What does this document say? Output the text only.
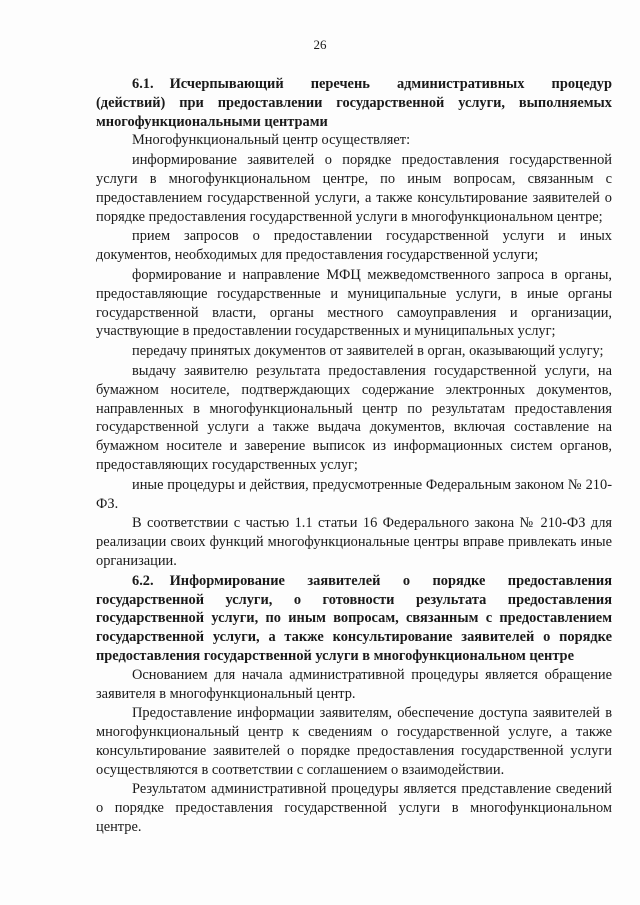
26

6.1. Исчерпывающий перечень административных процедур (действий) при предоставлении государственной услуги, выполняемых многофункциональными центрами

Многофункциональный центр осуществляет:

информирование заявителей о порядке предоставления государственной услуги в многофункциональном центре, по иным вопросам, связанным с предоставлением государственной услуги, а также консультирование заявителей о порядке предоставления государственной услуги в многофункциональном центре;

прием запросов о предоставлении государственной услуги и иных документов, необходимых для предоставления государственной услуги;

формирование и направление МФЦ межведомственного запроса в органы, предоставляющие государственные и муниципальные услуги, в иные органы государственной власти, органы местного самоуправления и организации, участвующие в предоставлении государственных и муниципальных услуг;

передачу принятых документов от заявителей в орган, оказывающий услугу;

выдачу заявителю результата предоставления государственной услуги, на бумажном носителе, подтверждающих содержание электронных документов, направленных в многофункциональный центр по результатам предоставления государственной услуги а также выдача документов, включая составление на бумажном носителе и заверение выписок из информационных систем органов, предоставляющих государственных услуг;

иные процедуры и действия, предусмотренные Федеральным законом № 210-ФЗ.

В соответствии с частью 1.1 статьи 16 Федерального закона № 210-ФЗ для реализации своих функций многофункциональные центры вправе привлекать иные организации.

6.2. Информирование заявителей о порядке предоставления государственной услуги, о готовности результата предоставления государственной услуги, по иным вопросам, связанным с предоставлением государственной услуги, а также консультирование заявителей о порядке предоставления государственной услуги в многофункциональном центре

Основанием для начала административной процедуры является обращение заявителя в многофункциональный центр.

Предоставление информации заявителям, обеспечение доступа заявителей в многофункциональный центр к сведениям о государственной услуге, а также консультирование заявителей о порядке предоставления государственной услуги осуществляются в соответствии с соглашением о взаимодействии.

Результатом административной процедуры является представление сведений о порядке предоставления государственной услуги в многофункциональном центре.
